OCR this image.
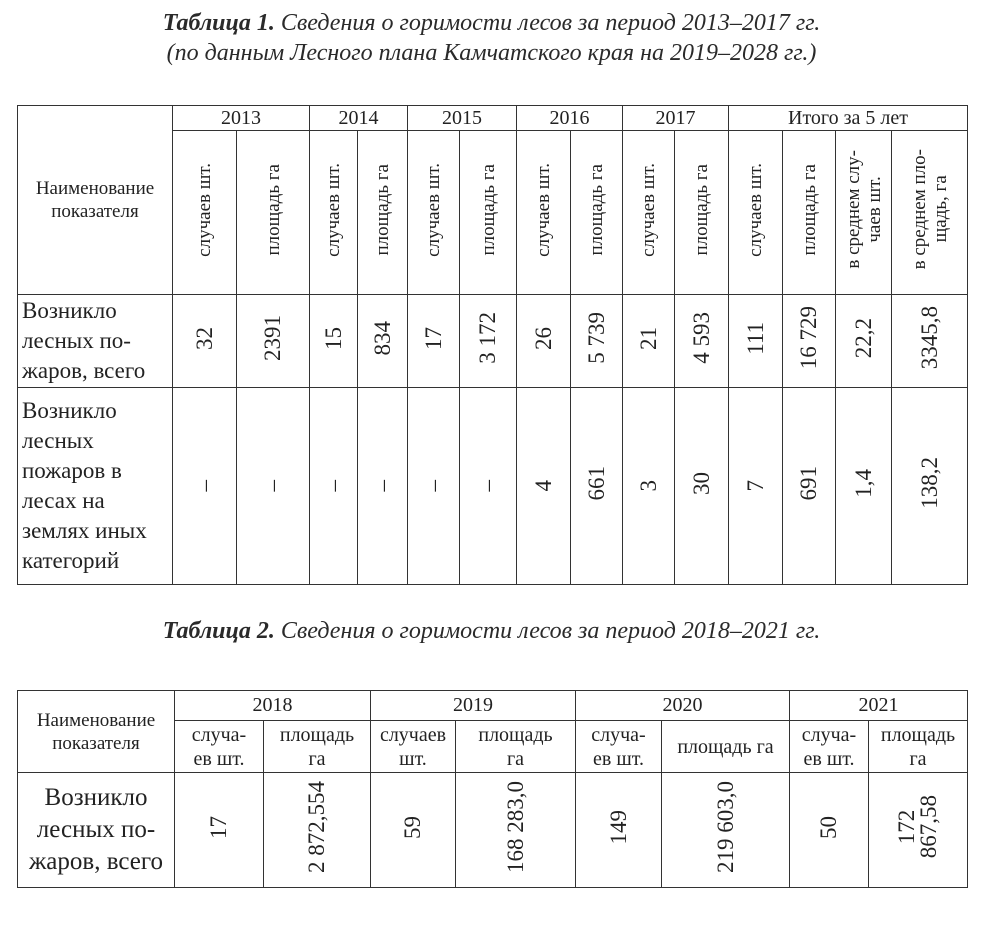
Таблица 1. Сведения о горимости лесов за период 2013–2017 гг.
(по данным Лесного плана Камчатского края на 2019–2028 гг.)
Наименование показателя	2013		2014		2015		2016		2017		Итого за 5 лет			
	случаев шт.	площадь га	случаев шт.	площадь га	случаев шт.	площадь га	случаев шт.	площадь га	случаев шт.	площадь га	случаев шт.	площадь га	в среднем слу-
чаев шт.	в среднем пло-
щадь, га
Возникло лесных по-жаров, всего	32	2391	15	834	17	3 172	26	5 739	21	4 593	111	16 729	22,2	3345,8
Возникло лесных пожаров в лесах на землях иных категорий	–	–	–	–	–	–	4	661	3	30	7	691	1,4	138,2
Таблица 2. Сведения о горимости лесов за период 2018–2021 гг.
Наименование показателя	2018		2019		2020		2021	

	случа-
ев шт.	площадь
га	случаев
шт.	площадь
га	случа-
ев шт.	площадь га	случа-
ев шт.	площадь
га

Возникло лесных по-жаров, всего	17	2 872,554	59	168 283,0	149	219 603,0	50	172
867,58
